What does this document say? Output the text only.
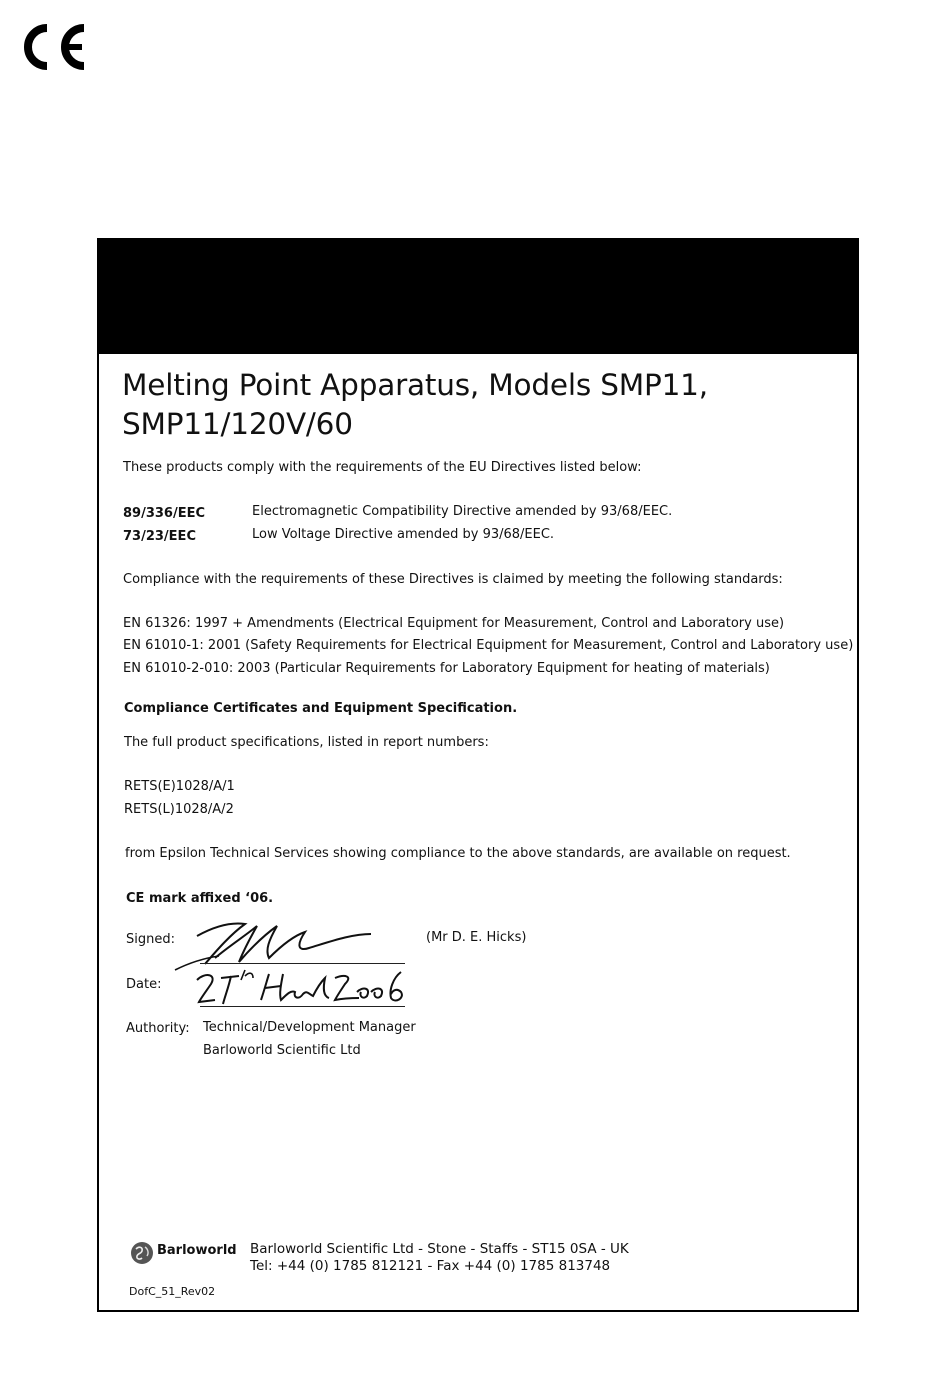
Melting Point Apparatus, Models SMP11, SMP11/120V/60
These products comply with the requirements of the EU Directives listed below:
89/336/EEC	Electromagnetic Compatibility Directive amended by 93/68/EEC.
73/23/EEC	Low Voltage Directive amended by 93/68/EEC.
Compliance with the requirements of these Directives is claimed by meeting the following standards:
EN 61326: 1997 + Amendments (Electrical Equipment for Measurement, Control and Laboratory use)
EN 61010-1: 2001 (Safety Requirements for Electrical Equipment for Measurement, Control and Laboratory use)
EN 61010-2-010: 2003 (Particular Requirements for Laboratory Equipment for heating of materials)
Compliance Certificates and Equipment Specification.
The full product specifications, listed in report numbers:
RETS(E)1028/A/1
RETS(L)1028/A/2
from Epsilon Technical Services showing compliance to the above standards, are available on request.
CE mark affixed ‘06.
Signed:	(Mr D. E. Hicks)
Date:
Authority: Technical/Development Manager
Barloworld Scientific Ltd
Barloworld Barloworld Scientific Ltd - Stone - Staffs - ST15 0SA - UK
Tel: +44 (0) 1785 812121 - Fax +44 (0) 1785 813748
DofC_51_Rev02
